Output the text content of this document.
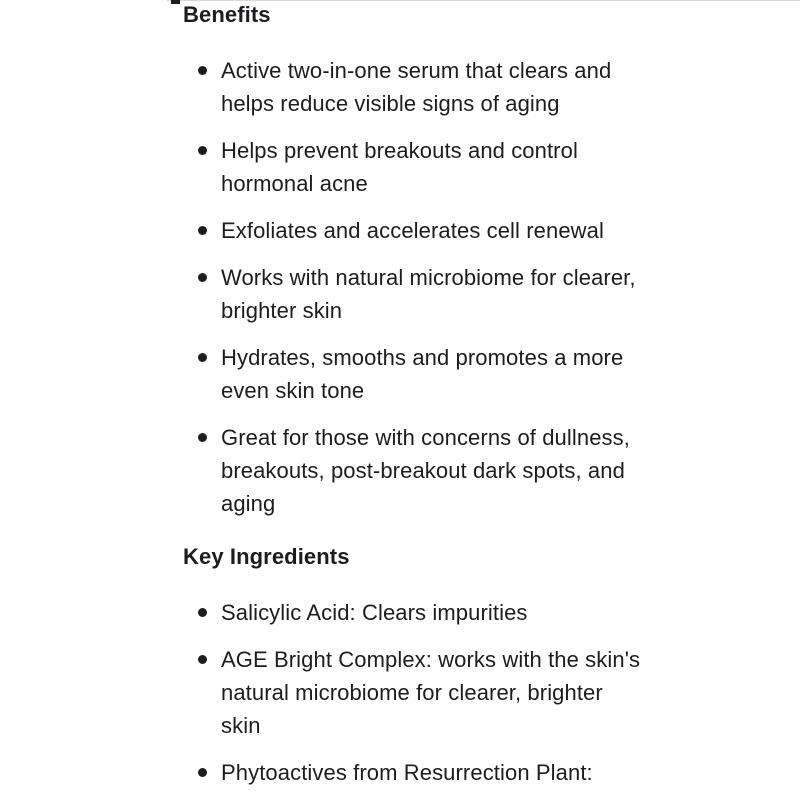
Benefits
Active two-in-one serum that clears and helps reduce visible signs of aging
Helps prevent breakouts and control hormonal acne
Exfoliates and accelerates cell renewal
Works with natural microbiome for clearer, brighter skin
Hydrates, smooths and promotes a more even skin tone
Great for those with concerns of dullness, breakouts, post-breakout dark spots, and aging
Key Ingredients
Salicylic Acid: Clears impurities
AGE Bright Complex: works with the skin's natural microbiome for clearer, brighter skin
Phytoactives from Resurrection Plant:
